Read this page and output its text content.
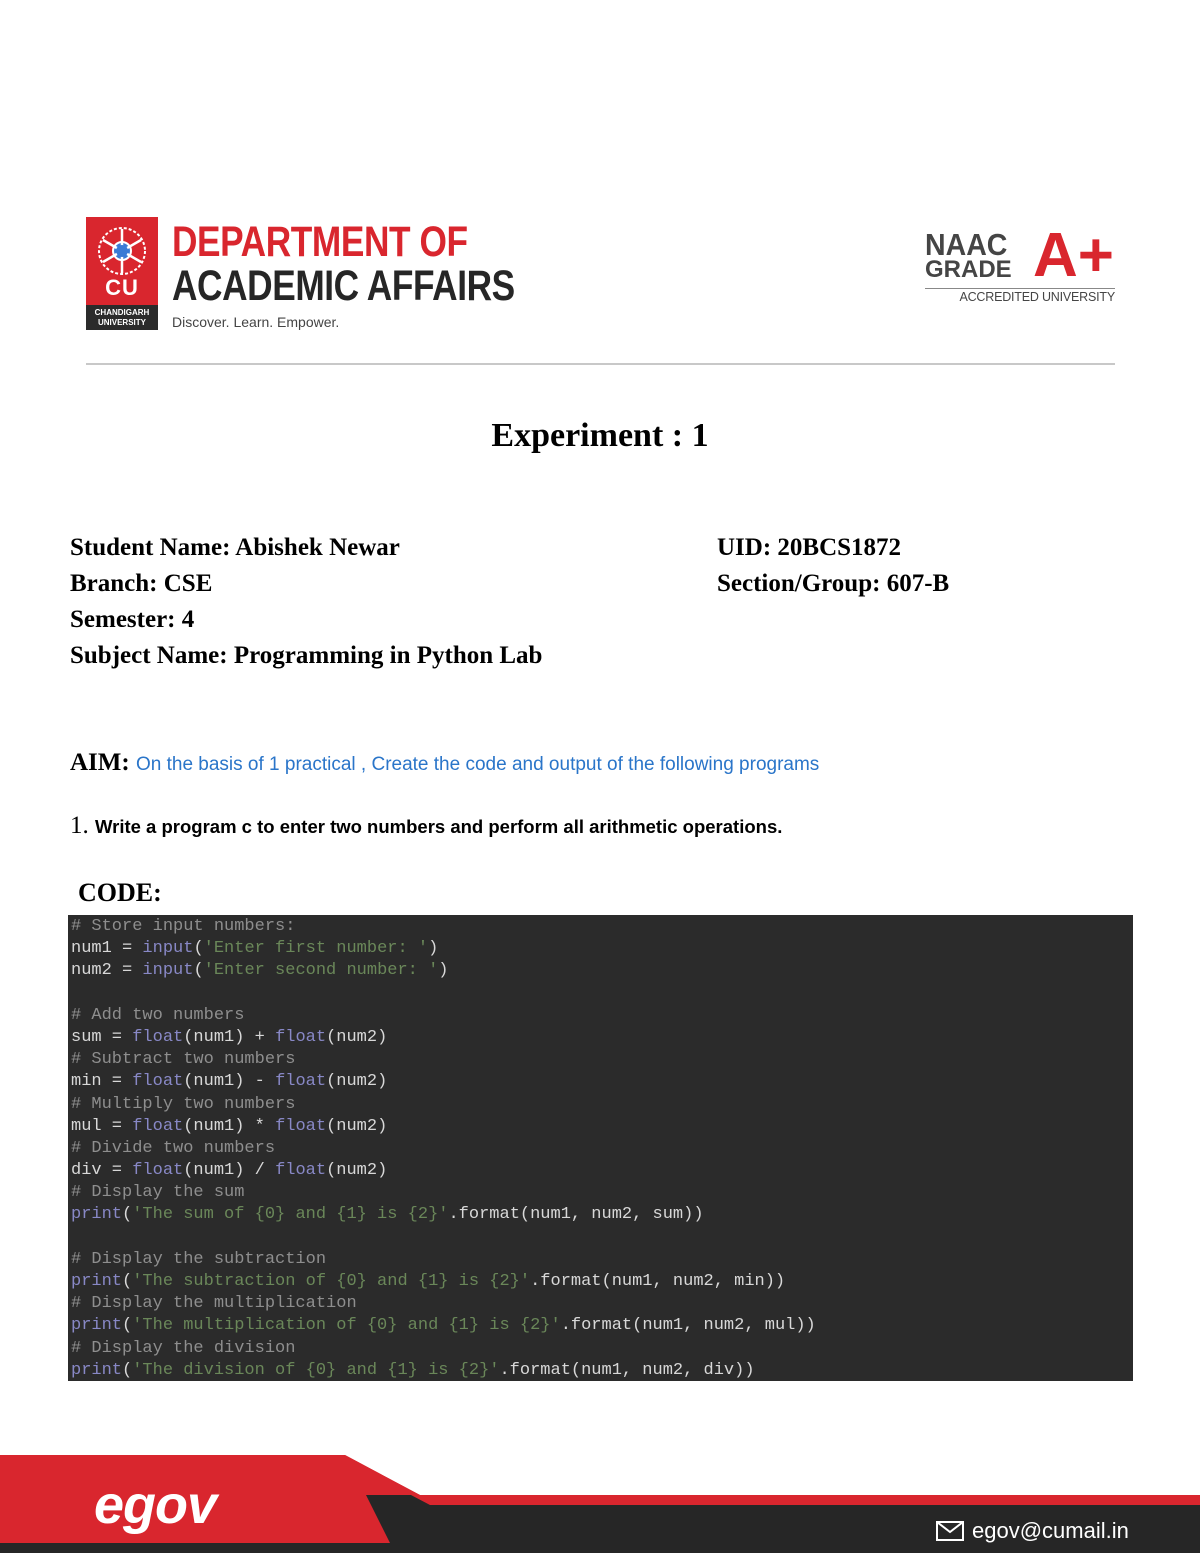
CU
CHANDIGARH
UNIVERSITY
DEPARTMENT OF
ACADEMIC AFFAIRS
Discover. Learn. Empower.
NAAC
GRADE A+
ACCREDITED UNIVERSITY
Experiment : 1
Student Name: Abishek Newar
Branch: CSE
Semester: 4
Subject Name: Programming in Python Lab
UID: 20BCS1872
Section/Group: 607-B
AIM: On the basis of 1 practical , Create the code and output of the following programs
1. Write a program c to enter two numbers and perform all arithmetic operations.
CODE:
# Store input numbers:
num1 = input('Enter first number: ')
num2 = input('Enter second number: ')

# Add two numbers
sum = float(num1) + float(num2)
# Subtract two numbers
min = float(num1) - float(num2)
# Multiply two numbers
mul = float(num1) * float(num2)
# Divide two numbers
div = float(num1) / float(num2)
# Display the sum
print('The sum of {0} and {1} is {2}'.format(num1, num2, sum))

# Display the subtraction
print('The subtraction of {0} and {1} is {2}'.format(num1, num2, min))
# Display the multiplication
print('The multiplication of {0} and {1} is {2}'.format(num1, num2, mul))
# Display the division
print('The division of {0} and {1} is {2}'.format(num1, num2, div))
egov	egov@cumail.in
